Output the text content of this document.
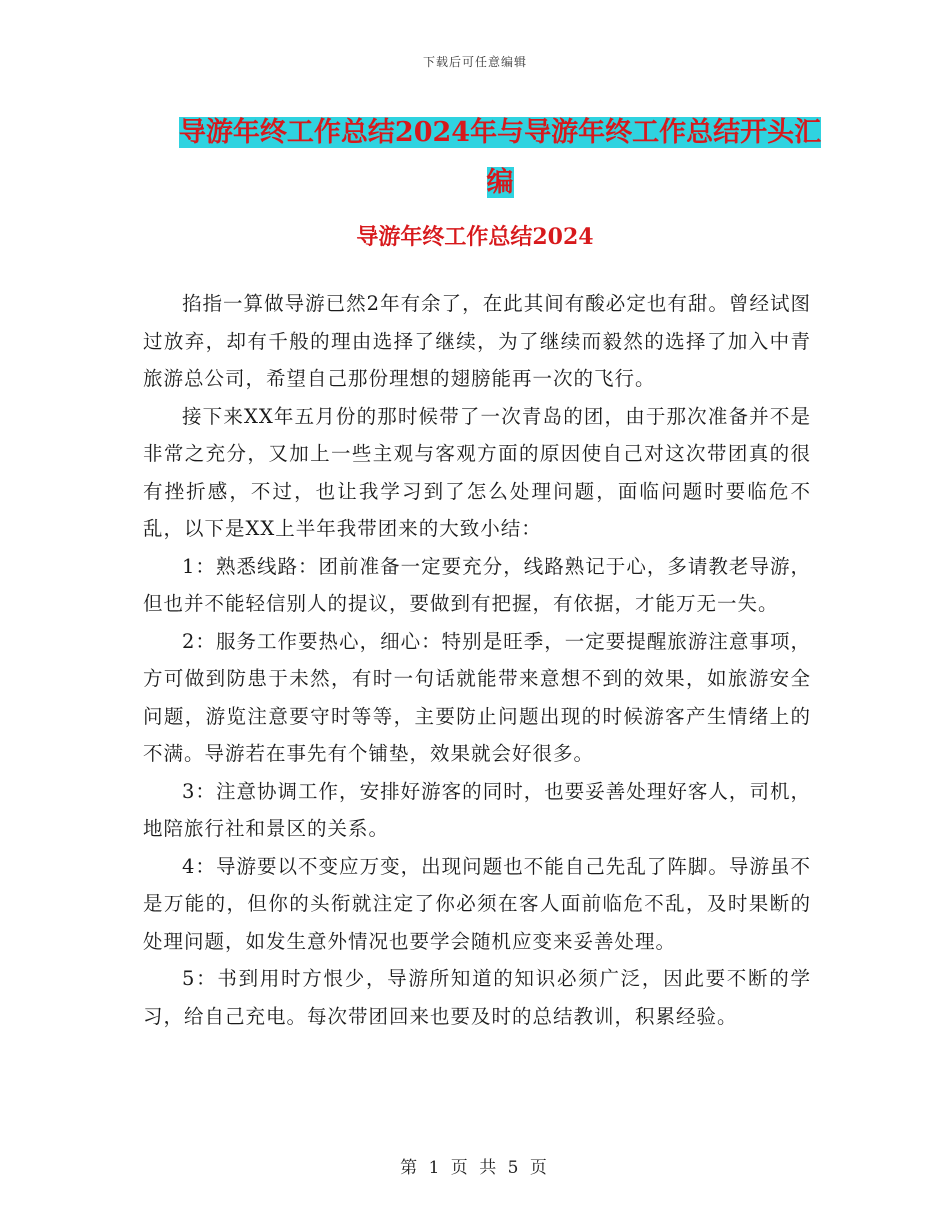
下载后可任意编辑
导游年终工作总结2024年与导游年终工作总结开头汇
编
导游年终工作总结2024

掐指一算做导游已然2年有余了，在此其间有酸必定也有甜。曾经试图过放弃，却有千般的理由选择了继续，为了继续而毅然的选择了加入中青旅游总公司，希望自己那份理想的翅膀能再一次的飞行。

接下来XX年五月份的那时候带了一次青岛的团，由于那次准备并不是非常之充分，又加上一些主观与客观方面的原因使自己对这次带团真的很有挫折感，不过，也让我学习到了怎么处理问题，面临问题时要临危不乱，以下是XX上半年我带团来的大致小结：

1：熟悉线路：团前准备一定要充分，线路熟记于心，多请教老导游，但也并不能轻信别人的提议，要做到有把握，有依据，才能万无一失。

2：服务工作要热心，细心：特别是旺季，一定要提醒旅游注意事项，方可做到防患于未然，有时一句话就能带来意想不到的效果，如旅游安全问题，游览注意要守时等等，主要防止问题出现的时候游客产生情绪上的不满。导游若在事先有个铺垫，效果就会好很多。

3：注意协调工作，安排好游客的同时，也要妥善处理好客人，司机，地陪旅行社和景区的关系。

4：导游要以不变应万变，出现问题也不能自己先乱了阵脚。导游虽不是万能的，但你的头衔就注定了你必须在客人面前临危不乱，及时果断的处理问题，如发生意外情况也要学会随机应变来妥善处理。

5：书到用时方恨少，导游所知道的知识必须广泛，因此要不断的学习，给自己充电。每次带团回来也要及时的总结教训，积累经验。

第 1 页 共 5 页
